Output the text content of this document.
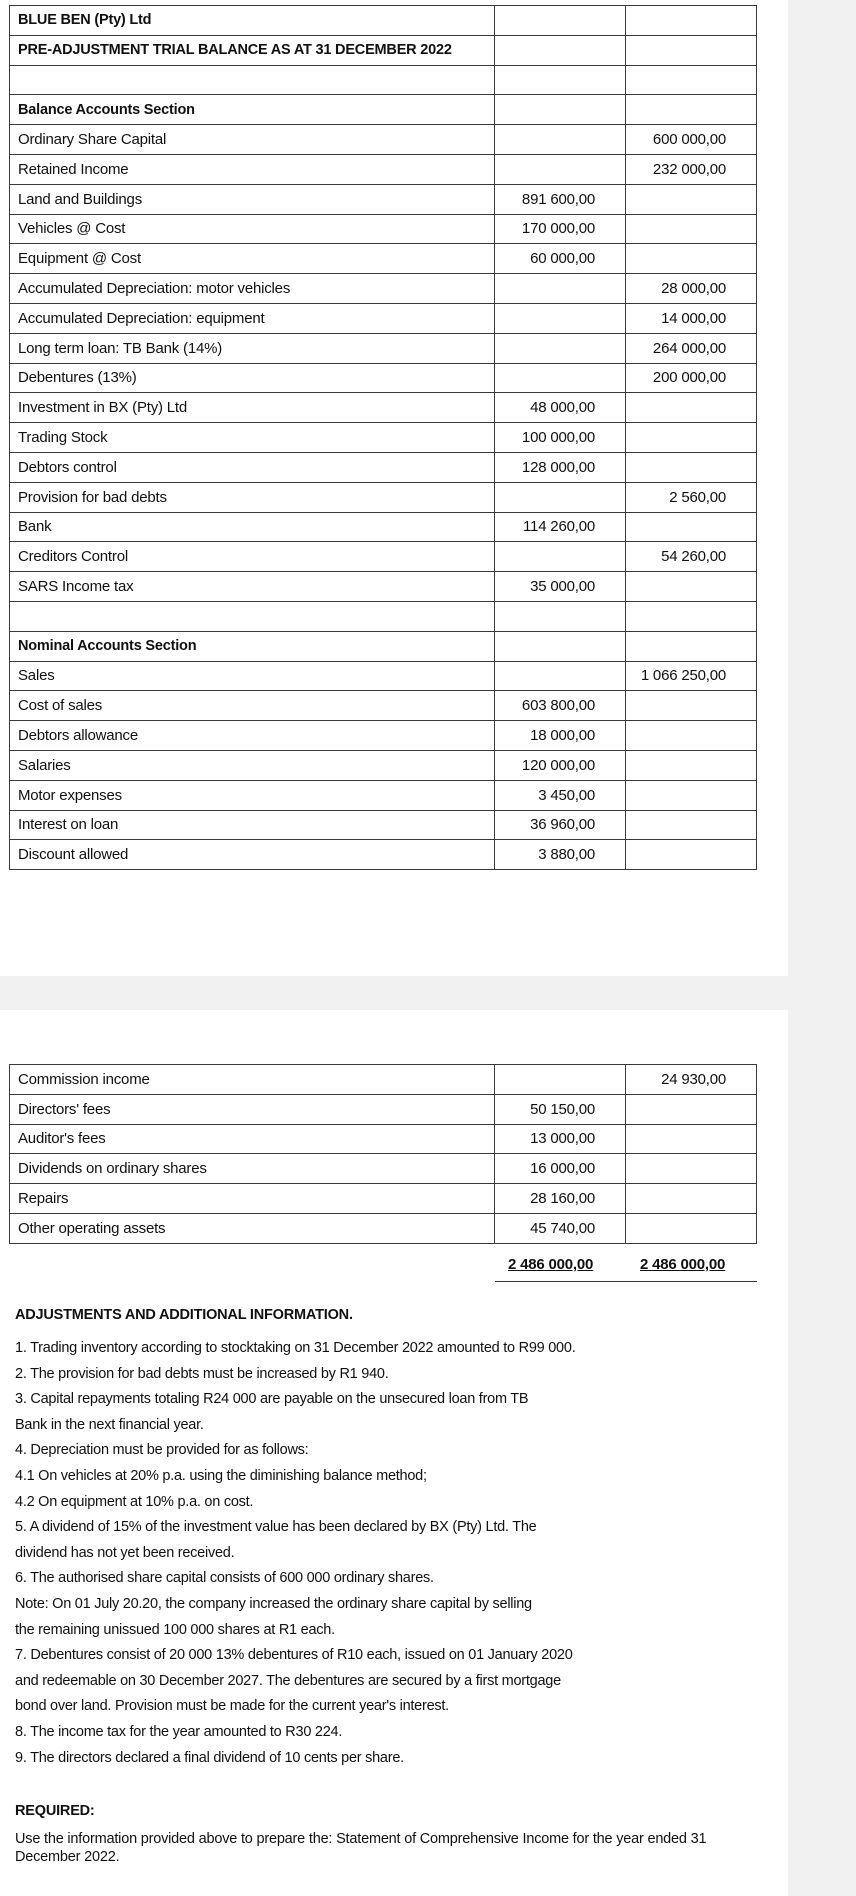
BLUE BEN (Pty) Ltd		
PRE-ADJUSTMENT TRIAL BALANCE AS AT 31 DECEMBER 2022		

Balance Accounts Section		
Ordinary Share Capital		600 000,00
Retained Income		232 000,00
Land and Buildings	891 600,00	
Vehicles @ Cost	170 000,00	
Equipment @ Cost	60 000,00	
Accumulated Depreciation: motor vehicles		28 000,00
Accumulated Depreciation: equipment		14 000,00
Long term loan: TB Bank (14%)		264 000,00
Debentures (13%)		200 000,00
Investment in BX (Pty) Ltd	48 000,00	
Trading Stock	100 000,00	
Debtors control	128 000,00	
Provision for bad debts		2 560,00
Bank	114 260,00	
Creditors Control		54 260,00
SARS Income tax	35 000,00	

Nominal Accounts Section		
Sales		1 066 250,00
Cost of sales	603 800,00	
Debtors allowance	18 000,00	
Salaries	120 000,00	
Motor expenses	3 450,00	
Interest on loan	36 960,00	
Discount allowed	3 880,00	
Commission income		24 930,00
Directors' fees	50 150,00	
Auditor's fees	13 000,00	
Dividends on ordinary shares	16 000,00	
Repairs	28 160,00	
Other operating assets	45 740,00	
2 486 000,00	2 486 000,00
ADJUSTMENTS AND ADDITIONAL INFORMATION.
1. Trading inventory according to stocktaking on 31 December 2022 amounted to R99 000.
2. The provision for bad debts must be increased by R1 940.
3. Capital repayments totaling R24 000 are payable on the unsecured loan from TB
Bank in the next financial year.
4. Depreciation must be provided for as follows:
4.1 On vehicles at 20% p.a. using the diminishing balance method;
4.2 On equipment at 10% p.a. on cost.
5. A dividend of 15% of the investment value has been declared by BX (Pty) Ltd. The
dividend has not yet been received.
6. The authorised share capital consists of 600 000 ordinary shares.
Note: On 01 July 20.20, the company increased the ordinary share capital by selling
the remaining unissued 100 000 shares at R1 each.
7. Debentures consist of 20 000 13% debentures of R10 each, issued on 01 January 2020
and redeemable on 30 December 2027. The debentures are secured by a first mortgage
bond over land. Provision must be made for the current year's interest.
8. The income tax for the year amounted to R30 224.
9. The directors declared a final dividend of 10 cents per share.
REQUIRED:
Use the information provided above to prepare the: Statement of Comprehensive Income for the year ended 31 December 2022.
